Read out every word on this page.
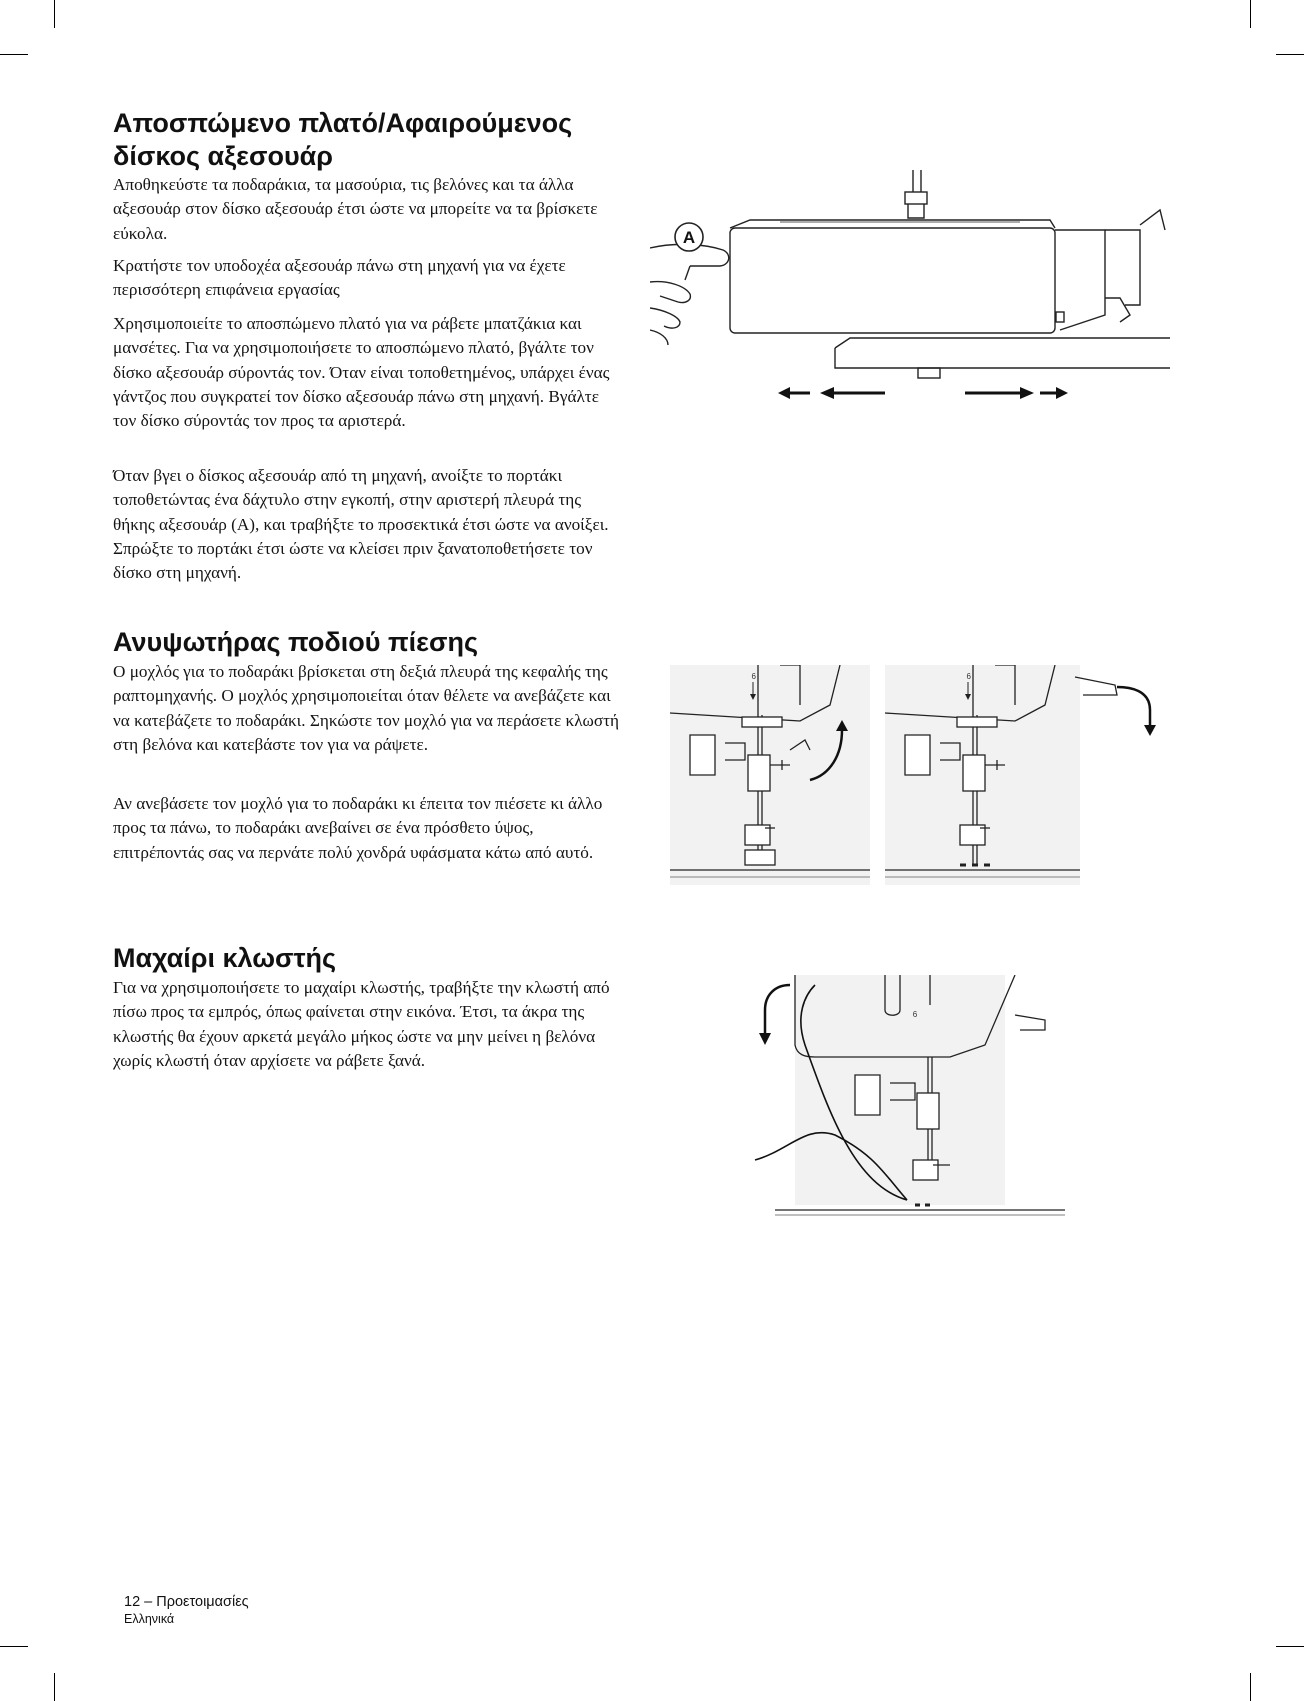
Αποσπώμενο πλατό/Αφαιρούμενος
δίσκος αξεσουάρ

Αποθηκεύστε τα ποδαράκια, τα μασούρια, τις βελόνες και τα άλλα αξεσουάρ στον δίσκο αξεσουάρ έτσι ώστε να μπορείτε να τα βρίσκετε εύκολα.

Κρατήστε τον υποδοχέα αξεσουάρ πάνω στη μηχανή για να έχετε περισσότερη επιφάνεια εργασίας

Χρησιμοποιείτε το αποσπώμενο πλατό για να ράβετε μπατζάκια και μανσέτες. Για να χρησιμοποιήσετε το αποσπώμενο πλατό, βγάλτε τον δίσκο αξεσουάρ σύροντάς τον. Όταν είναι τοποθετημένος, υπάρχει ένας γάντζος που συγκρατεί τον δίσκο αξεσουάρ πάνω στη μηχανή. Βγάλτε τον δίσκο σύροντάς τον προς τα αριστερά.

Όταν βγει ο δίσκος αξεσουάρ από τη μηχανή, ανοίξτε το πορτάκι τοποθετώντας ένα δάχτυλο στην εγκοπή, στην αριστερή πλευρά της θήκης αξεσουάρ (A), και τραβήξτε το προσεκτικά έτσι ώστε να ανοίξει. Σπρώξτε το πορτάκι έτσι ώστε να κλείσει πριν ξανατοποθετήσετε τον δίσκο στη μηχανή.

A
Ανυψωτήρας ποδιού πίεσης

Ο μοχλός για το ποδαράκι βρίσκεται στη δεξιά πλευρά της κεφαλής της ραπτομηχανής. Ο μοχλός χρησιμοποιείται όταν θέλετε να ανεβάζετε και να κατεβάζετε το ποδαράκι. Σηκώστε τον μοχλό για να περάσετε κλωστή στη βελόνα και κατεβάστε τον για να ράψετε.

Αν ανεβάσετε τον μοχλό για το ποδαράκι κι έπειτα τον πιέσετε κι άλλο προς τα πάνω, το ποδαράκι ανεβαίνει σε ένα πρόσθετο ύψος, επιτρέποντάς σας να περνάτε πολύ χονδρά υφάσματα κάτω από αυτό.

6	6
Μαχαίρι κλωστής

Για να χρησιμοποιήσετε το μαχαίρι κλωστής, τραβήξτε την κλωστή από πίσω προς τα εμπρός, όπως φαίνεται στην εικόνα. Έτσι, τα άκρα της κλωστής θα έχουν αρκετά μεγάλο μήκος ώστε να μην μείνει η βελόνα χωρίς κλωστή όταν αρχίσετε να ράβετε ξανά.

6
12 – Προετοιμασίες
Ελληνικά
